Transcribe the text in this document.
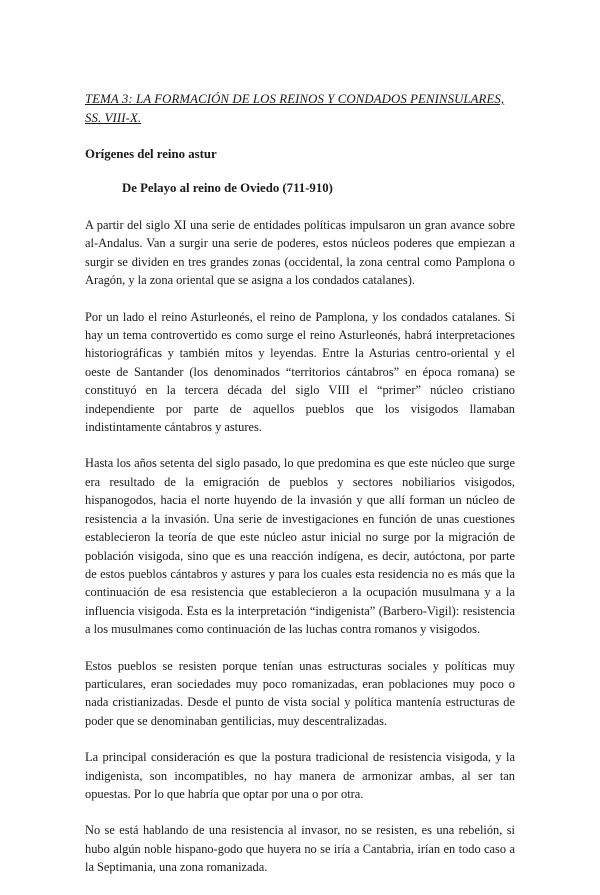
TEMA 3: LA FORMACIÓN DE LOS REINOS Y CONDADOS PENINSULARES, SS. VIII-X.

Orígenes del reino astur

De Pelayo al reino de Oviedo (711-910)

A partir del siglo XI una serie de entidades políticas impulsaron un gran avance sobre al-Andalus. Van a surgir una serie de poderes, estos núcleos poderes que empiezan a surgir se dividen en tres grandes zonas (occidental, la zona central como Pamplona o Aragón, y la zona oriental que se asigna a los condados catalanes).

Por un lado el reino Asturleonés, el reino de Pamplona, y los condados catalanes. Si hay un tema controvertido es como surge el reino Asturleonés, habrá interpretaciones historiográficas y también mitos y leyendas. Entre la Asturias centro-oriental y el oeste de Santander (los denominados “territorios cántabros” en época romana) se constituyó en la tercera década del siglo VIII el “primer” núcleo cristiano independiente por parte de aquellos pueblos que los visigodos llamaban indistintamente cántabros y astures.

Hasta los años setenta del siglo pasado, lo que predomina es que este núcleo que surge era resultado de la emigración de pueblos y sectores nobiliarios visigodos, hispanogodos, hacia el norte huyendo de la invasión y que allí forman un núcleo de resistencia a la invasión. Una serie de investigaciones en función de unas cuestiones establecieron la teoría de que este núcleo astur inicial no surge por la migración de población visigoda, sino que es una reacción indígena, es decir, autóctona, por parte de estos pueblos cántabros y astures y para los cuales esta residencia no es más que la continuación de esa resistencia que establecieron a la ocupación musulmana y a la influencia visigoda. Esta es la interpretación “indigenista” (Barbero-Vigil): resistencia a los musulmanes como continuación de las luchas contra romanos y visigodos.

Estos pueblos se resisten porque tenían unas estructuras sociales y políticas muy particulares, eran sociedades muy poco romanizadas, eran poblaciones muy poco o nada cristianizadas. Desde el punto de vista social y política mantenía estructuras de poder que se denominaban gentilicias, muy descentralizadas.

La principal consideración es que la postura tradicional de resistencia visigoda, y la indigenista, son incompatibles, no hay manera de armonizar ambas, al ser tan opuestas. Por lo que habría que optar por una o por otra.

No se está hablando de una resistencia al invasor, no se resisten, es una rebelión, si hubo algún noble hispano-godo que huyera no se iría a Cantabria, irían en todo caso a la Septimania, una zona romanizada.
